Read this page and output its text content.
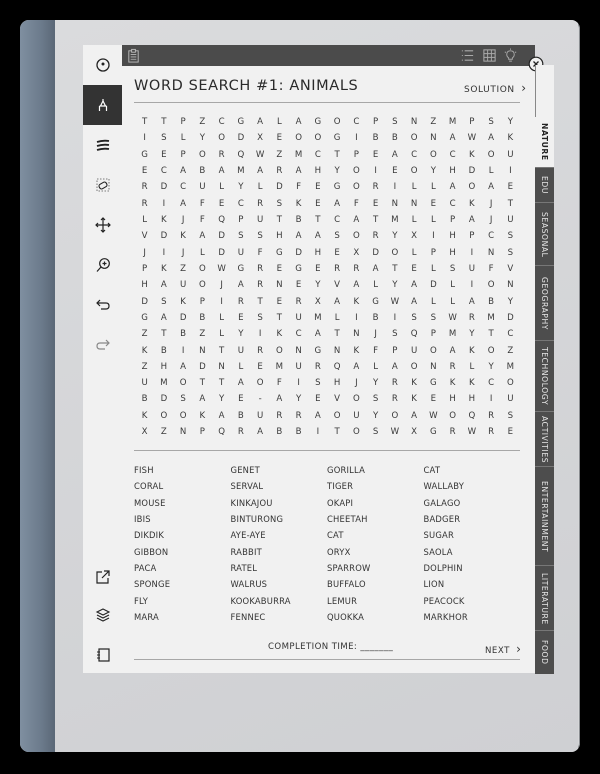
WORD SEARCH #1: ANIMALS	SOLUTION ›
T	T	P	Z	C	G	A	L	A	G	O	C	P	S	N	Z	M	P	S	Y
I	S	L	Y	O	D	X	E	O	O	G	I	B	B	O	N	A	W	A	K
G	E	P	O	R	Q	W	Z	M	C	T	P	E	A	C	O	C	K	O	U
E	C	A	B	A	M	A	R	A	H	Y	O	I	E	O	Y	H	D	L	I
R	D	C	U	L	Y	L	D	F	E	G	O	R	I	L	L	A	O	A	E
R	I	A	F	E	C	R	S	K	E	A	F	E	N	N	E	C	K	J	T
L	K	J	F	Q	P	U	T	B	T	C	A	T	M	L	L	P	A	J	U
V	D	K	A	D	S	S	H	A	A	S	O	R	Y	X	I	H	P	C	S
J	I	J	L	D	U	F	G	D	H	E	X	D	O	L	P	H	I	N	S
P	K	Z	O	W	G	R	E	G	E	R	R	A	T	E	L	S	U	F	V
H	A	U	O	J	A	R	N	E	Y	V	A	L	Y	A	D	L	I	O	N
D	S	K	P	I	R	T	E	R	X	A	K	G	W	A	L	L	A	B	Y
G	A	D	B	L	E	S	T	U	M	L	I	B	I	S	S	W	R	M	D
Z	T	B	Z	L	Y	I	K	C	A	T	N	J	S	Q	P	M	Y	T	C
K	B	I	N	T	U	R	O	N	G	N	K	F	P	U	O	A	K	O	Z
Z	H	A	D	N	L	E	M	U	R	Q	A	L	A	O	N	R	L	Y	M
U	M	O	T	T	A	O	F	I	S	H	J	Y	R	K	G	K	K	C	O
B	D	S	A	Y	E	-	A	Y	E	V	O	S	R	K	E	H	H	I	U
K	O	O	K	A	B	U	R	R	A	O	U	Y	O	A	W	O	Q	R	S
X	Z	N	P	Q	R	A	B	B	I	T	O	S	W	X	G	R	W	R	E
FISH	GENET	GORILLA	CAT
CORAL	SERVAL	TIGER	WALLABY
MOUSE	KINKAJOU	OKAPI	GALAGO
IBIS	BINTURONG	CHEETAH	BADGER
DIKDIK	AYE-AYE	CAT	SUGAR
GIBBON	RABBIT	ORYX	SAOLA
PACA	RATEL	SPARROW	DOLPHIN
SPONGE	WALRUS	BUFFALO	LION
FLY	KOOKABURRA	LEMUR	PEACOCK
MARA	FENNEC	QUOKKA	MARKHOR
COMPLETION TIME: _______	NEXT ›
NATURE
EDU
SEASONAL
GEOGRAPHY
TECHNOLOGY
ACTIVITIES
ENTERTAINMENT
LITERATURE
FOOD
